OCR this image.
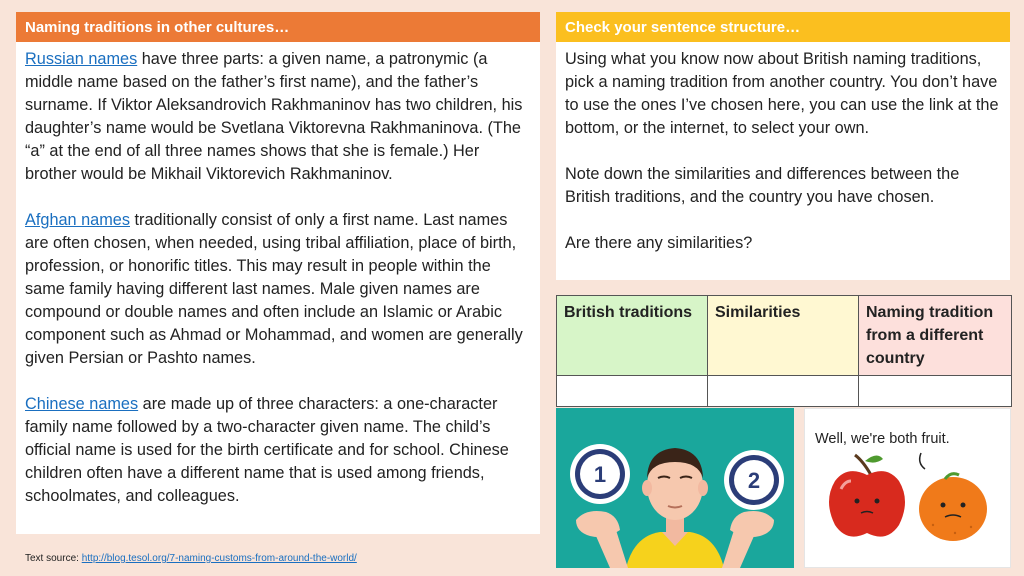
Naming traditions in other cultures…

Russian names have three parts: a given name, a patronymic (a middle name based on the father’s first name), and the father’s surname. If Viktor Aleksandrovich Rakhmaninov has two children, his daughter’s name would be Svetlana Viktorevna Rakhmaninova. (The “a” at the end of all three names shows that she is female.) Her brother would be Mikhail Viktorevich Rakhmaninov.

Afghan names traditionally consist of only a first name. Last names are often chosen, when needed, using tribal affiliation, place of birth, profession, or honorific titles. This may result in people within the same family having different last names. Male given names are compound or double names and often include an Islamic or Arabic component such as Ahmad or Mohammad, and women are generally given Persian or Pashto names.

Chinese names are made up of three characters: a one-character family name followed by a two-character given name. The child’s official name is used for the birth certificate and for school. Chinese children often have a different name that is used among friends, schoolmates, and colleagues.

Check your sentence structure…

Using what you know now about British naming traditions, pick a naming tradition from another country. You don’t have to use the ones I’ve chosen here, you can use the link at the bottom, or the internet, to select your own.

Note down the similarities and differences between the British traditions, and the country you have chosen.

Are there any similarities?

British traditions	Similarities	Naming tradition from a different country

1	2
Well, we're both fruit.
Text source: http://blog.tesol.org/7-naming-customs-from-around-the-world/
